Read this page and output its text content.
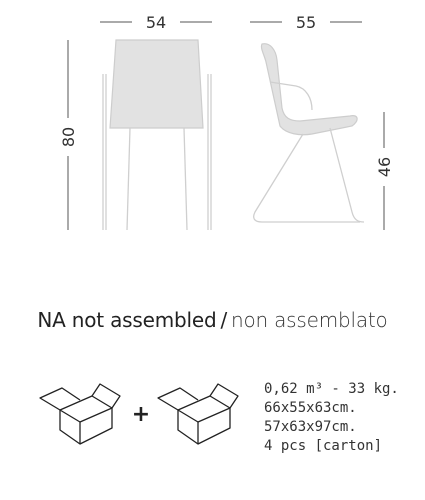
54	55
80
46
+
NA not assembled / non assemblato
0,62 m³ - 33 kg.
66x55x63cm.
57x63x97cm.
4 pcs [carton]
